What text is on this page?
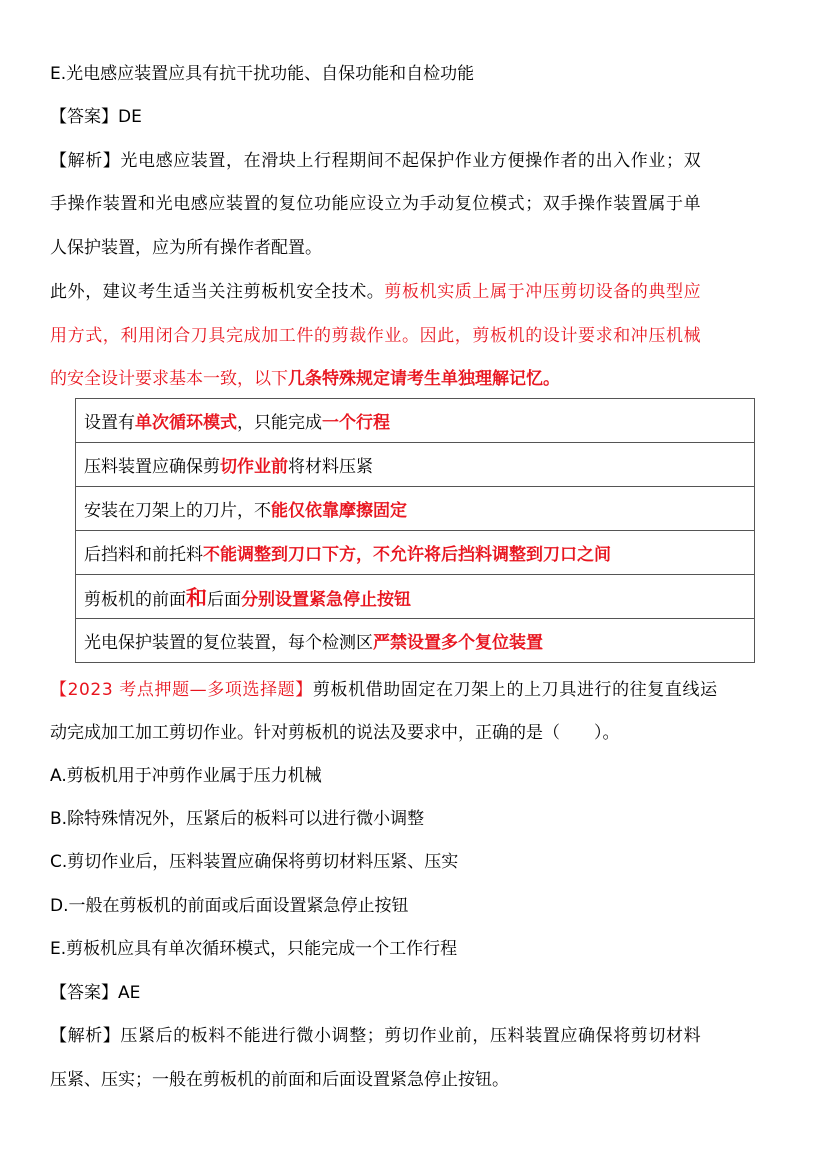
E.光电感应装置应具有抗干扰功能、自保功能和自检功能
【答案】DE
【解析】光电感应装置，在滑块上行程期间不起保护作业方便操作者的出入作业；双
手操作装置和光电感应装置的复位功能应设立为手动复位模式；双手操作装置属于单
人保护装置，应为所有操作者配置。
此外，建议考生适当关注剪板机安全技术。剪板机实质上属于冲压剪切设备的典型应
用方式，利用闭合刀具完成加工件的剪裁作业。因此，剪板机的设计要求和冲压机械
的安全设计要求基本一致，以下几条特殊规定请考生单独理解记忆。
设置有单次循环模式，只能完成一个行程
压料装置应确保剪切作业前将材料压紧
安装在刀架上的刀片，不能仅依靠摩擦固定
后挡料和前托料不能调整到刀口下方，不允许将后挡料调整到刀口之间
剪板机的前面和后面分别设置紧急停止按钮
光电保护装置的复位装置，每个检测区严禁设置多个复位装置
【2023 考点押题—多项选择题】剪板机借助固定在刀架上的上刀具进行的往复直线运
动完成加工加工剪切作业。针对剪板机的说法及要求中，正确的是（　　）。
A.剪板机用于冲剪作业属于压力机械
B.除特殊情况外，压紧后的板料可以进行微小调整
C.剪切作业后，压料装置应确保将剪切材料压紧、压实
D.一般在剪板机的前面或后面设置紧急停止按钮
E.剪板机应具有单次循环模式，只能完成一个工作行程
【答案】AE
【解析】压紧后的板料不能进行微小调整；剪切作业前，压料装置应确保将剪切材料
压紧、压实；一般在剪板机的前面和后面设置紧急停止按钮。
